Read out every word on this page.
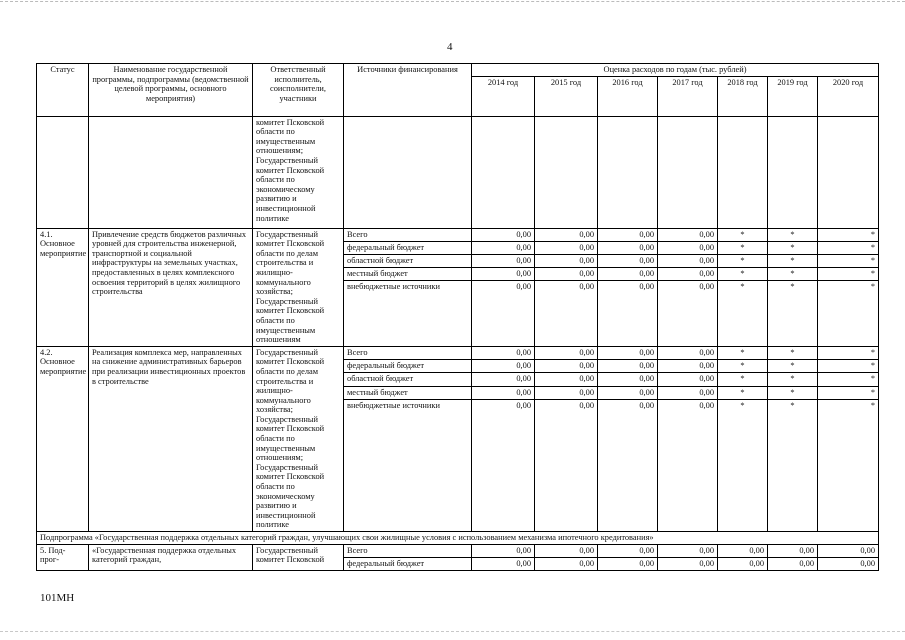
4
Статус	Наименование государственной программы, подпрограммы (ведомственной целевой программы, основного мероприятия)	Ответственный исполнитель, соисполнители, участники	Источники финансирования	Оценка расходов по годам (тыс. рублей)						
				2014 год	2015 год	2016 год	2017 год	2018 год	2019 год	2020 год
		комитет Псковской области по имущественным отношениям; Государственный комитет Псковской области по экономическому развитию и инвестиционной политике								
4.1. Основное мероприятие	Привлечение средств бюджетов различных уровней для строительства инженерной, транспортной и социальной инфраструктуры на земельных участках, предоставленных в целях комплексного освоения территорий в целях жилищного строительства	Государственный комитет Псковской области по делам строительства и жилищно-коммунального хозяйства; Государственный комитет Псковской области по имущественным отношениям	Всего	0,00	0,00	0,00	0,00	*	*	*
			федеральный бюджет	0,00	0,00	0,00	0,00	*	*	*
			областной бюджет	0,00	0,00	0,00	0,00	*	*	*
			местный бюджет	0,00	0,00	0,00	0,00	*	*	*
			внебюджетные источники	0,00	0,00	0,00	0,00	*	*	*
4.2. Основное мероприятие	Реализация комплекса мер, направленных на снижение административных барьеров при реализации инвестиционных проектов в строительстве	Государственный комитет Псковской области по делам строительства и жилищно-коммунального хозяйства; Государственный комитет Псковской области по имущественным отношениям; Государственный комитет Псковской области по экономическому развитию и инвестиционной политике	Всего	0,00	0,00	0,00	0,00	*	*	*
			федеральный бюджет	0,00	0,00	0,00	0,00	*	*	*
			областной бюджет	0,00	0,00	0,00	0,00	*	*	*
			местный бюджет	0,00	0,00	0,00	0,00	*	*	*
			внебюджетные источники	0,00	0,00	0,00	0,00	*	*	*
Подпрограмма «Государственная поддержка отдельных категорий граждан, улучшающих свои жилищные условия с использованием механизма ипотечного кредитования»										
5. Под- прог-	«Государственная поддержка отдельных категорий граждан,	Государственный комитет Псковской	Всего	0,00	0,00	0,00	0,00	0,00	0,00	0,00
			федеральный бюджет	0,00	0,00	0,00	0,00	0,00	0,00	0,00
101МН
